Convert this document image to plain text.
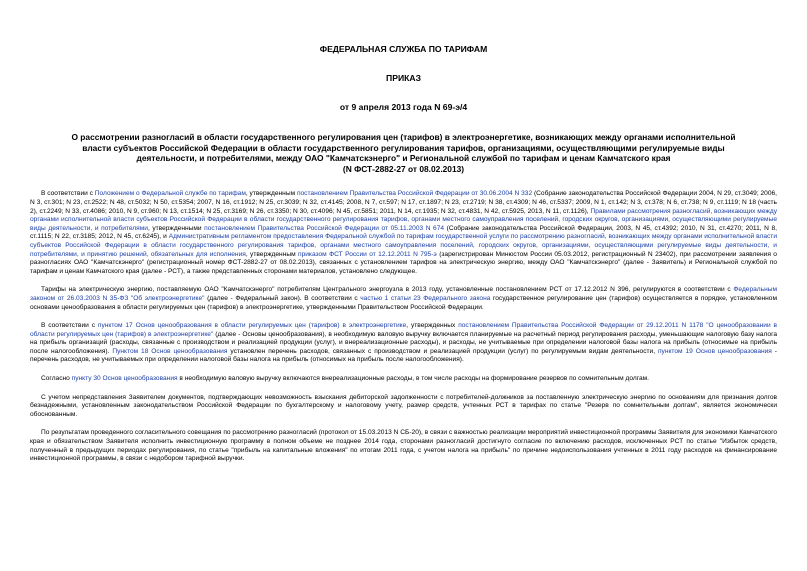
ФЕДЕРАЛЬНАЯ СЛУЖБА ПО ТАРИФАМ
ПРИКАЗ
от 9 апреля 2013 года N 69-э/4
О рассмотрении разногласий в области государственного регулирования цен (тарифов) в электроэнергетике, возникающих между органами исполнительной
власти субъектов Российской Федерации в области государственного регулирования тарифов, организациями, осуществляющими регулируемые виды
деятельности, и потребителями, между ОАО "Камчатскэнерго" и Региональной службой по тарифам и ценам Камчатского края
(N ФСТ-2882-27 от 08.02.2013)

В соответствии с Положением о Федеральной службе по тарифам, утвержденным постановлением Правительства Российской Федерации от 30.06.2004 N 332 (Собрание законодательства Российской Федерации 2004, N 29, ст.3049; 2006, N 3, ст.301; N 23, ст.2522; N 48, ст.5032; N 50, ст.5354; 2007, N 16, ст.1912; N 25, ст.3039; N 32, ст.4145; 2008, N 7, ст.597; N 17, ст.1897; N 23, ст.2719; N 38, ст.4309; N 46, ст.5337; 2009, N 1, ст.142; N 3, ст.378; N 6, ст.738; N 9, ст.1119; N 18 (часть 2), ст.2249; N 33, ст.4086; 2010, N 9, ст.960; N 13, ст.1514; N 25, ст.3169; N 26, ст.3350; N 30, ст.4096; N 45, ст.5851; 2011, N 14, ст.1935; N 32, ст.4831, N 42, ст.5925, 2013, N 11, ст.1126), Правилами рассмотрения разногласий, возникающих между органами исполнительной власти субъектов Российской Федерации в области государственного регулирования тарифов, органами местного самоуправления поселений, городских округов, организациями, осуществляющими регулируемые виды деятельности, и потребителями, утвержденными постановлением Правительства Российской Федерации от 05.11.2003 N 674 (Собрание законодательства Российской Федерации, 2003, N 45, ст.4392; 2010, N 31, ст.4270; 2011, N 8, ст.1115; N 22, ст.3185; 2012, N 45, ст.6245), и Административным регламентом предоставления Федеральной службой по тарифам государственной услуги по рассмотрению разногласий, возникающих между органами исполнительной власти субъектов Российской Федерации в области государственного регулирования тарифов, органами местного самоуправления поселений, городских округов, организациями, осуществляющими регулируемые виды деятельности, и потребителями, и принятию решений, обязательных для исполнения, утвержденным приказом ФСТ России от 12.12.2011 N 795-э (зарегистрирован Минюстом России 05.03.2012, регистрационный N 23402), при рассмотрении заявления о разногласиях ОАО "Камчатскэнерго" (регистрационный номер ФСТ-2882-27 от 08.02.2013), связанных с установлением тарифов на электрическую энергию, между ОАО "Камчатскэнерго" (далее - Заявитель) и Региональной службой по тарифам и ценам Камчатского края (далее - РСТ), а также представленных сторонами материалов, установлено следующее.

Тарифы на электрическую энергию, поставляемую ОАО "Камчатскэнерго" потребителям Центрального энергоузла в 2013 году, установленные постановлением РСТ от 17.12.2012 N 396, регулируются в соответствии с Федеральным законом от 26.03.2003 N 35-ФЗ "Об электроэнергетике" (далее - Федеральный закон). В соответствии с частью 1 статьи 23 Федерального закона государственное регулирование цен (тарифов) осуществляется в порядке, установленном основами ценообразования в области регулируемых цен (тарифов) в электроэнергетике, утвержденными Правительством Российской Федерации.

В соответствии с пунктом 17 Основ ценообразования в области регулируемых цен (тарифов) в электроэнергетике, утвержденных постановлением Правительства Российской Федерации от 29.12.2011 N 1178 "О ценообразовании в области регулируемых цен (тарифов) в электроэнергетике" (далее - Основы ценообразования), в необходимую валовую выручку включается планируемые на расчетный период регулирования расходы, уменьшающие налоговую базу налога на прибыль организаций (расходы, связанные с производством и реализацией продукции (услуг), и внереализационные расходы), и расходы, не учитываемые при определении налоговой базы налога на прибыль (относимые на прибыль после налогообложения). Пунктом 18 Основ ценообразования установлен перечень расходов, связанных с производством и реализацией продукции (услуг) по регулируемым видам деятельности, пунктом 19 Основ ценообразования - перечень расходов, не учитываемых при определении налоговой базы налога на прибыль (относимых на прибыль после налогообложения).

Согласно пункту 30 Основ ценообразования в необходимую валовую выручку включаются внереализационные расходы, в том числе расходы на формирование резервов по сомнительным долгам.

С учетом непредставления Заявителем документов, подтверждающих невозможность взыскания дебиторской задолженности с потребителей-должников за поставленную электрическую энергию по основаниям для признания долгов безнадежными, установленным законодательством Российской Федерации по бухгалтерскому и налоговому учету, размер средств, учтенных РСТ в тарифах по статье "Резерв по сомнительным долгам", является экономически обоснованным.

По результатам проведенного согласительного совещания по рассмотрению разногласий (протокол от 15.03.2013 N СБ-20), в связи с важностью реализации мероприятий инвестиционной программы Заявителя для экономики Камчатского края и обязательством Заявителя исполнить инвестиционную программу в полном объеме не позднее 2014 года, сторонами разногласий достигнуто согласие по включению расходов, исключенных РСТ по статье "Избыток средств, полученный в предыдущих периодах регулирования, по статье "прибыль на капитальные вложения" по итогам 2011 года, с учетом налога на прибыль" по причине недоиспользования учтенных в 2011 году расходов на финансирование инвестиционной программы, в связи с недобором тарифной выручки.
